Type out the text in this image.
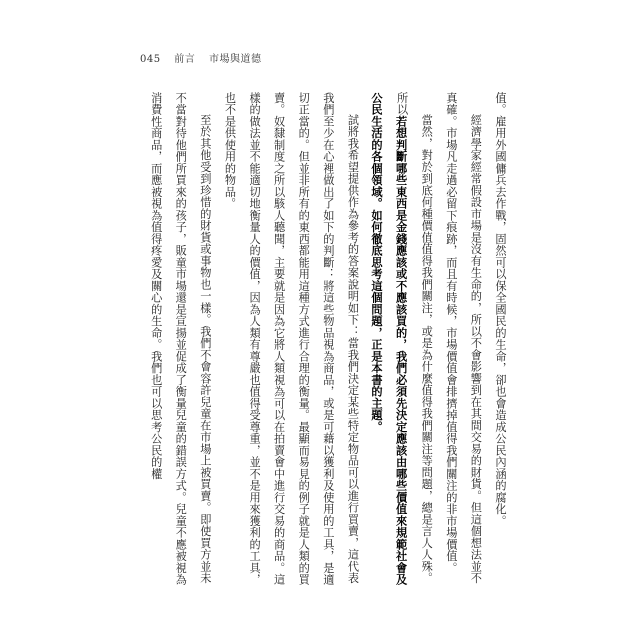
045 前言 市場與道德

值。雇用外國傭兵去作戰，固然可以保全國民的生命，卻也會造成公民內涵的腐化。

經濟學家經常假設市場是沒有生命的，所以不會影響到在其間交易的財貨。但這個想法並不真確。市場凡走過必留下痕跡，而且有時候，市場價值會排擠掉值得我們關注的非市場價值。

當然，對於到底何種價值值得我們關注，或是為什麼值得我們關注等問題，總是言人人殊。所以若想判斷哪些東西是金錢應該或不應該買的，我們必須先決定應該由哪些價值來規範社會及公民生活的各個領域。如何徹底思考這個問題，正是本書的主題。

試將我希望提供作為參考的答案說明如下：當我們決定某些特定物品可以進行買賣，這代表我們至少在心裡做出了如下的判斷：將這些物品視為商品，或是可藉以獲利及使用的工具，是適切正當的。但並非所有的東西都能用這種方式進行合理的衡量。最顯而易見的例子就是人類的買賣。奴隸制度之所以駭人聽聞，主要就是因為它將人類視為可以在拍賣會中進行交易的商品。這樣的做法並不能適切地衡量人的價值，因為人類有尊嚴也值得受尊重，並不是用來獲利的工具，也不是供使用的物品。

至於其他受到珍惜的財貨或事物也一樣。我們不會容許兒童在市場上被買賣。即使買方並未不當對待他們所買來的孩子，販童市場還是宣揚並促成了衡量兒童的錯誤方式。兒童不應被視為消費性商品，而應被視為值得疼愛及關心的生命。我們也可以思考公民的權
